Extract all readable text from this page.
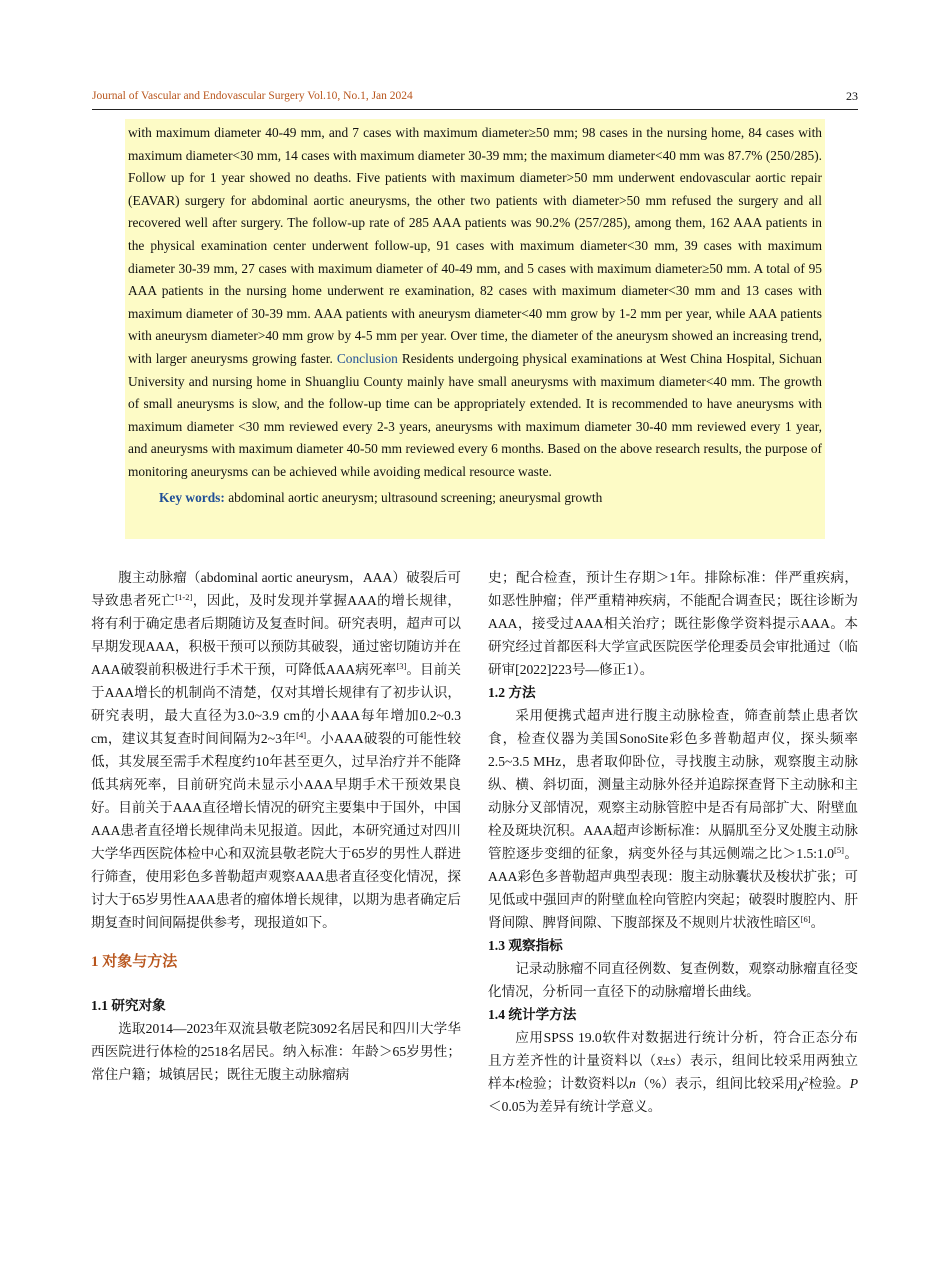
Journal of Vascular and Endovascular Surgery Vol.10, No.1, Jan 2024	23

with maximum diameter 40-49 mm, and 7 cases with maximum diameter≥50 mm; 98 cases in the nursing home, 84 cases with maximum diameter<30 mm, 14 cases with maximum diameter 30-39 mm; the maximum diameter<40 mm was 87.7% (250/285). Follow up for 1 year showed no deaths. Five patients with maximum diameter>50 mm underwent endovascular aortic repair (EAVAR) surgery for abdominal aortic aneurysms, the other two patients with diameter>50 mm refused the surgery and all recovered well after surgery. The follow-up rate of 285 AAA patients was 90.2% (257/285), among them, 162 AAA patients in the physical examination center underwent follow-up, 91 cases with maximum diameter<30 mm, 39 cases with maximum diameter 30-39 mm, 27 cases with maximum diameter of 40-49 mm, and 5 cases with maximum diameter≥50 mm. A total of 95 AAA patients in the nursing home underwent re examination, 82 cases with maximum diameter<30 mm and 13 cases with maximum diameter of 30-39 mm. AAA patients with aneurysm diameter<40 mm grow by 1-2 mm per year, while AAA patients with aneurysm diameter>40 mm grow by 4-5 mm per year. Over time, the diameter of the aneurysm showed an increasing trend, with larger aneurysms growing faster. Conclusion Residents undergoing physical examinations at West China Hospital, Sichuan University and nursing home in Shuangliu County mainly have small aneurysms with maximum diameter<40 mm. The growth of small aneurysms is slow, and the follow-up time can be appropriately extended. It is recommended to have aneurysms with maximum diameter <30 mm reviewed every 2-3 years, aneurysms with maximum diameter 30-40 mm reviewed every 1 year, and aneurysms with maximum diameter 40-50 mm reviewed every 6 months. Based on the above research results, the purpose of monitoring aneurysms can be achieved while avoiding medical resource waste.

Key words: abdominal aortic aneurysm; ultrasound screening; aneurysmal growth

腹主动脉瘤（abdominal aortic aneurysm，AAA）破裂后可导致患者死亡[1-2]，因此，及时发现并掌握AAA的增长规律，将有利于确定患者后期随访及复查时间。研究表明，超声可以早期发现AAA，积极干预可以预防其破裂，通过密切随访并在AAA破裂前积极进行手术干预，可降低AAA病死率[3]。目前关于AAA增长的机制尚不清楚，仅对其增长规律有了初步认识，研究表明，最大直径为3.0~3.9 cm的小AAA每年增加0.2~0.3 cm，建议其复查时间间隔为2~3年[4]。小AAA破裂的可能性较低，其发展至需手术程度约10年甚至更久，过早治疗并不能降低其病死率，目前研究尚未显示小AAA早期手术干预效果良好。目前关于AAA直径增长情况的研究主要集中于国外，中国AAA患者直径增长规律尚未见报道。因此，本研究通过对四川大学华西医院体检中心和双流县敬老院大于65岁的男性人群进行筛查，使用彩色多普勒超声观察AAA患者直径变化情况，探讨大于65岁男性AAA患者的瘤体增长规律，以期为患者确定后期复查时间间隔提供参考，现报道如下。

1 对象与方法

1.1 研究对象

选取2014—2023年双流县敬老院3092名居民和四川大学华西医院进行体检的2518名居民。纳入标准：年龄＞65岁男性；常住户籍；城镇居民；既往无腹主动脉瘤病

史；配合检查，预计生存期＞1年。排除标准：伴严重疾病，如恶性肿瘤；伴严重精神疾病，不能配合调查民；既往诊断为AAA，接受过AAA相关治疗；既往影像学资料提示AAA。本研究经过首都医科大学宣武医院医学伦理委员会审批通过（临研审[2022]223号—修正1）。

1.2 方法

采用便携式超声进行腹主动脉检查，筛查前禁止患者饮食，检查仪器为美国SonoSite彩色多普勒超声仪，探头频率2.5~3.5 MHz，患者取仰卧位，寻找腹主动脉，观察腹主动脉纵、横、斜切面，测量主动脉外径并追踪探查肾下主动脉和主动脉分叉部情况，观察主动脉管腔中是否有局部扩大、附壁血栓及斑块沉积。AAA超声诊断标准：从膈肌至分叉处腹主动脉管腔逐步变细的征象，病变外径与其远侧端之比＞1.5:1.0[5]。AAA彩色多普勒超声典型表现：腹主动脉囊状及梭状扩张；可见低或中强回声的附壁血栓向管腔内突起；破裂时腹腔内、肝肾间隙、脾肾间隙、下腹部探及不规则片状液性暗区[6]。

1.3 观察指标

记录动脉瘤不同直径例数、复查例数，观察动脉瘤直径变化情况，分析同一直径下的动脉瘤增长曲线。

1.4 统计学方法

应用SPSS 19.0软件对数据进行统计分析，符合正态分布且方差齐性的计量资料以（x̄±s）表示，组间比较采用两独立样本t检验；计数资料以n（%）表示，组间比较采用$\chi^2$检验。P＜0.05为差异有统计学意义。
